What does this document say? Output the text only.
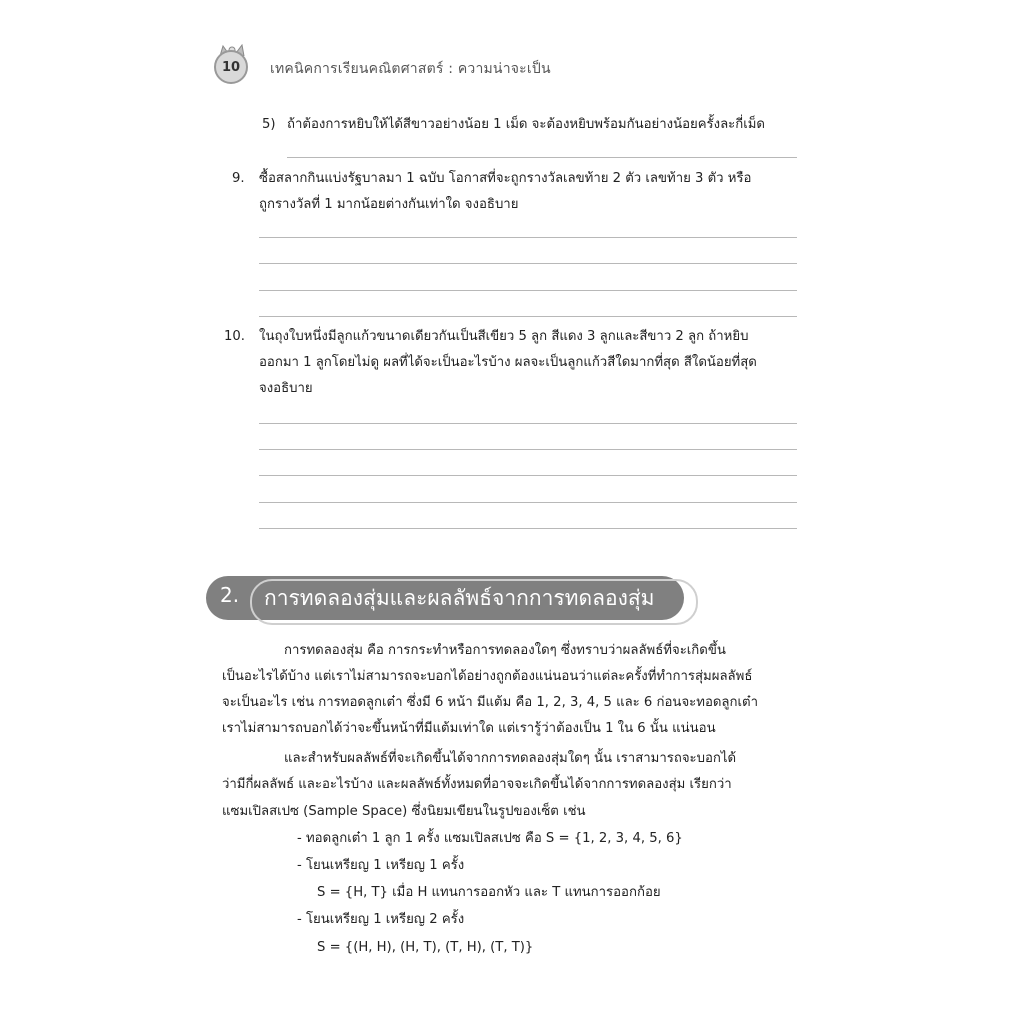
10	เทคนิคการเรียนคณิตศาสตร์ : ความน่าจะเป็น
5) ถ้าต้องการหยิบให้ได้สีขาวอย่างน้อย 1 เม็ด จะต้องหยิบพร้อมกันอย่างน้อยครั้งละกี่เม็ด
9. ซื้อสลากกินแบ่งรัฐบาลมา 1 ฉบับ โอกาสที่จะถูกรางวัลเลขท้าย 2 ตัว เลขท้าย 3 ตัว หรือ
ถูกรางวัลที่ 1 มากน้อยต่างกันเท่าใด จงอธิบาย
10. ในถุงใบหนึ่งมีลูกแก้วขนาดเดียวกันเป็นสีเขียว 5 ลูก สีแดง 3 ลูกและสีขาว 2 ลูก ถ้าหยิบ
ออกมา 1 ลูกโดยไม่ดู ผลที่ได้จะเป็นอะไรบ้าง ผลจะเป็นลูกแก้วสีใดมากที่สุด สีใดน้อยที่สุด
จงอธิบาย
2. การทดลองสุ่มและผลลัพธ์จากการทดลองสุ่ม
การทดลองสุ่ม คือ การกระทำหรือการทดลองใดๆ ซึ่งทราบว่าผลลัพธ์ที่จะเกิดขึ้น
เป็นอะไรได้บ้าง แต่เราไม่สามารถจะบอกได้อย่างถูกต้องแน่นอนว่าแต่ละครั้งที่ทำการสุ่มผลลัพธ์
จะเป็นอะไร เช่น การทอดลูกเต๋า ซึ่งมี 6 หน้า มีแต้ม คือ 1, 2, 3, 4, 5 และ 6 ก่อนจะทอดลูกเต๋า
เราไม่สามารถบอกได้ว่าจะขึ้นหน้าที่มีแต้มเท่าใด แต่เรารู้ว่าต้องเป็น 1 ใน 6 นั้น แน่นอน
และสำหรับผลลัพธ์ที่จะเกิดขึ้นได้จากการทดลองสุ่มใดๆ นั้น เราสามารถจะบอกได้
ว่ามีกี่ผลลัพธ์ และอะไรบ้าง และผลลัพธ์ทั้งหมดที่อาจจะเกิดขึ้นได้จากการทดลองสุ่ม เรียกว่า
แซมเปิลสเปซ (Sample Space) ซึ่งนิยมเขียนในรูปของเซ็ต เช่น
- ทอดลูกเต๋า 1 ลูก 1 ครั้ง แซมเปิลสเปซ คือ S = {1, 2, 3, 4, 5, 6}
- โยนเหรียญ 1 เหรียญ 1 ครั้ง
S = {H, T} เมื่อ H แทนการออกหัว และ T แทนการออกก้อย
- โยนเหรียญ 1 เหรียญ 2 ครั้ง
S = {(H, H), (H, T), (T, H), (T, T)}
